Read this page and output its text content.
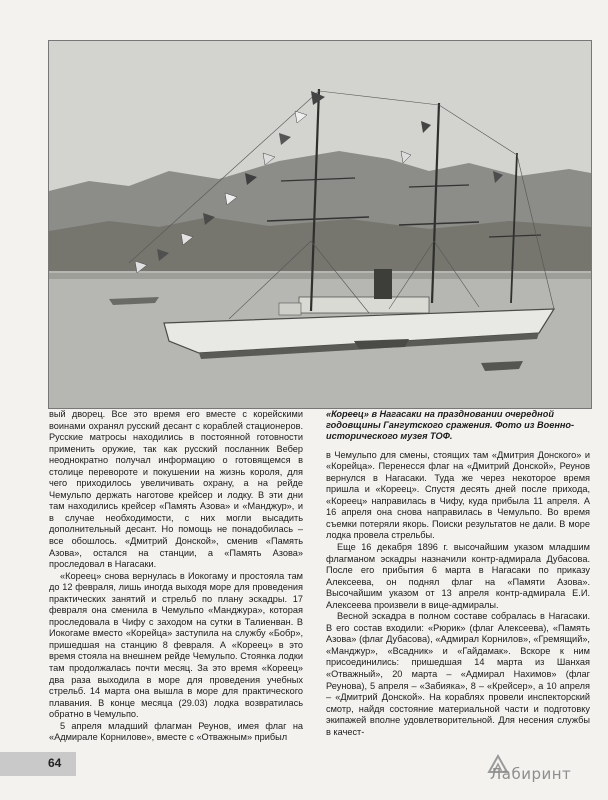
вый дворец. Все это время его вместе с корейскими воинами охранял русский десант с кораблей стационеров. Русские матросы находились в постоянной готовности применить оружие, так как русский посланник Вебер неоднократно получал информацию о готовящемся в столице перевороте и покушении на жизнь короля, для чего приходилось увеличивать охрану, а на рейде Чемульпо держать наготове крейсер и лодку. В эти дни там находились крейсер «Память Азова» и «Манджур», и в случае необходимости, с них могли высадить дополнительный десант. Но помощь не понадобилась – все обошлось. «Дмитрий Донской», сменив «Память Азова», остался на станции, а «Память Азова» проследовал в Нагасаки.

«Кореец» снова вернулась в Иокогаму и простояла там до 12 февраля, лишь иногда выходя море для проведения практических занятий и стрельб по плану эскадры. 17 февраля она сменила в Чемульпо «Манджура», которая проследовала в Чифу с заходом на сутки в Талиенван. В Иокогаме вместо «Корейца» заступила на службу «Бобр», пришедшая на станцию 8 февраля. А «Кореец» в это время стояла на внешнем рейде Чемульпо. Стоянка лодки там продолжалась почти месяц. За это время «Кореец» два раза выходила в море для проведения учебных стрельб. 14 марта она вышла в море для практического плавания. В конце месяца (29.03) лодка возвратилась обратно в Чемульпо.

5 апреля младший флагман Реунов, имея флаг на «Адмирале Корнилове», вместе с «Отважным» прибыл

«Кореец» в Нагасаки на праздновании очередной годовщины Гангутского сражения. Фото из Военно-исторического музея ТОФ.

в Чемульпо для смены, стоящих там «Дмитрия Донского» и «Корейца». Перенесся флаг на «Дмитрий Донской», Реунов вернулся в Нагасаки. Туда же через некоторое время пришла и «Кореец». Спустя десять дней после прихода, «Кореец» направилась в Чифу, куда прибыла 11 апреля. А 16 апреля она снова направилась в Чемульпо. Во время съемки потеряли якорь. Поиски результатов не дали. В море лодка провела стрельбы.

Еще 16 декабря 1896 г. высочайшим указом младшим флагманом эскадры назначили контр-адмирала Дубасова. После его прибытия 6 марта в Нагасаки по приказу Алексеева, он поднял флаг на «Памяти Азова». Высочайшим указом от 13 апреля контр-адмирала Е.И. Алексеева произвели в вице-адмиралы.

Весной эскадра в полном составе собралась в Нагасаки. В его состав входили: «Рюрик» (флаг Алексеева), «Память Азова» (флаг Дубасова), «Адмирал Корнилов», «Гремящий», «Манджур», «Всадник» и «Гайдамак». Вскоре к ним присоединились: пришедшая 14 марта из Шанхая «Отважный», 20 марта – «Адмирал Нахимов» (флаг Реунова), 5 апреля – «Забияка», 8 – «Крейсер», а 10 апреля – «Дмитрий Донской». На кораблях провели инспекторский смотр, найдя состояние материальной части и подготовку экипажей вполне удовлетворительной. Для несения службы в качест-

64
Лабиринт
